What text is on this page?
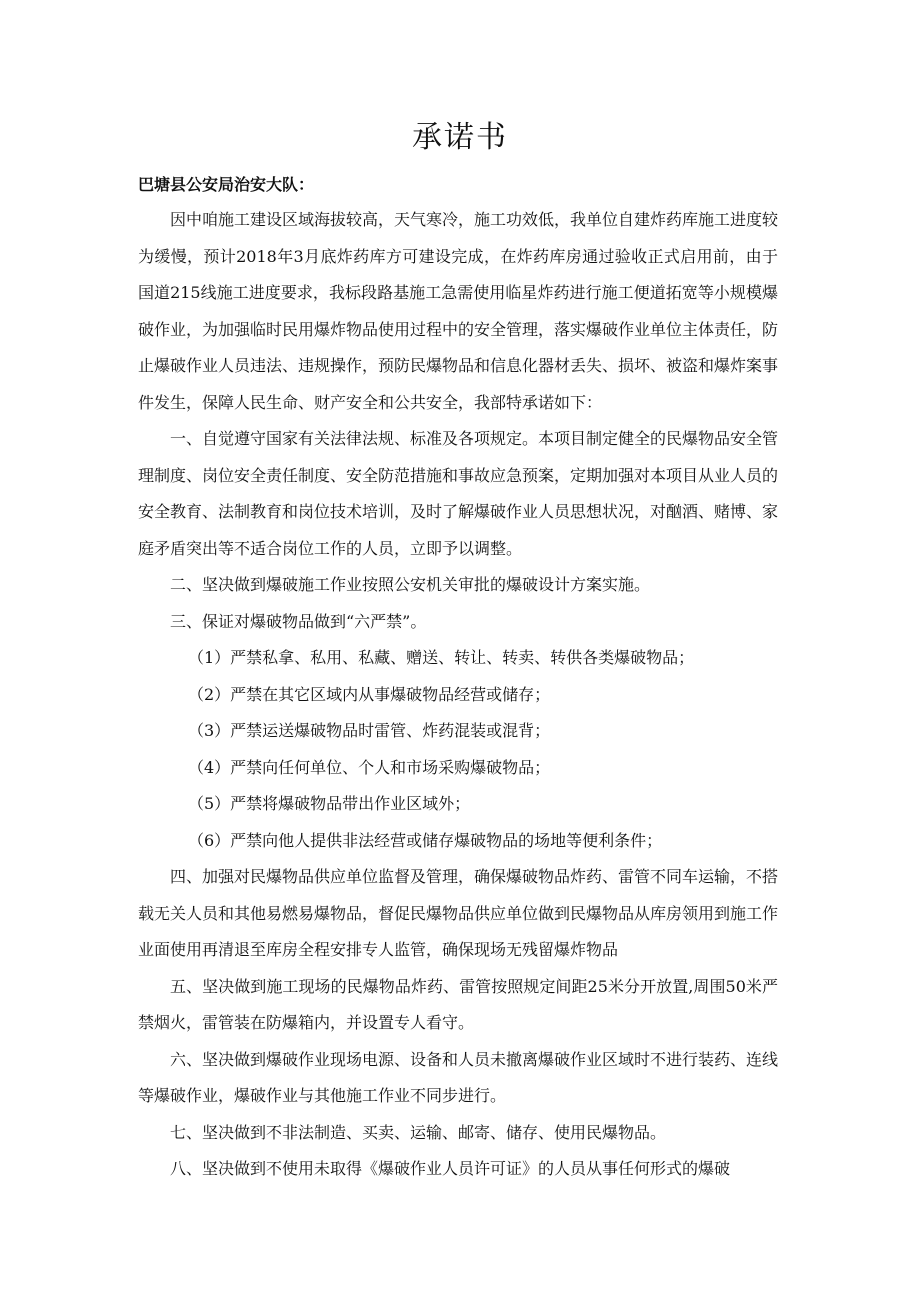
承诺书

巴塘县公安局治安大队：

因中咱施工建设区域海拔较高，天气寒冷，施工功效低，我单位自建炸药库施工进度较为缓慢，预计2018年3月底炸药库方可建设完成，在炸药库房通过验收正式启用前，由于国道215线施工进度要求，我标段路基施工急需使用临星炸药进行施工便道拓宽等小规模爆破作业，为加强临时民用爆炸物品使用过程中的安全管理，落实爆破作业单位主体责任，防止爆破作业人员违法、违规操作，预防民爆物品和信息化器材丢失、损坏、被盗和爆炸案事件发生，保障人民生命、财产安全和公共安全，我部特承诺如下：

一、自觉遵守国家有关法律法规、标准及各项规定。本项目制定健全的民爆物品安全管理制度、岗位安全责任制度、安全防范措施和事故应急预案，定期加强对本项目从业人员的安全教育、法制教育和岗位技术培训，及时了解爆破作业人员思想状况，对酗酒、赌博、家庭矛盾突出等不适合岗位工作的人员，立即予以调整。

二、坚决做到爆破施工作业按照公安机关审批的爆破设计方案实施。

三、保证对爆破物品做到“六严禁”。

（1）严禁私拿、私用、私藏、赠送、转让、转卖、转供各类爆破物品；

（2）严禁在其它区域内从事爆破物品经营或储存；

（3）严禁运送爆破物品时雷管、炸药混装或混背；

（4）严禁向任何单位、个人和市场采购爆破物品；

（5）严禁将爆破物品带出作业区域外；

（6）严禁向他人提供非法经营或储存爆破物品的场地等便利条件；

四、加强对民爆物品供应单位监督及管理，确保爆破物品炸药、雷管不同车运输，不搭载无关人员和其他易燃易爆物品，督促民爆物品供应单位做到民爆物品从库房领用到施工作业面使用再清退至库房全程安排专人监管，确保现场无残留爆炸物品

五、坚决做到施工现场的民爆物品炸药、雷管按照规定间距25米分开放置,周围50米严禁烟火，雷管装在防爆箱内，并设置专人看守。

六、坚决做到爆破作业现场电源、设备和人员未撤离爆破作业区域时不进行装药、连线等爆破作业，爆破作业与其他施工作业不同步进行。

七、坚决做到不非法制造、买卖、运输、邮寄、储存、使用民爆物品。

八、坚决做到不使用未取得《爆破作业人员许可证》的人员从事任何形式的爆破
